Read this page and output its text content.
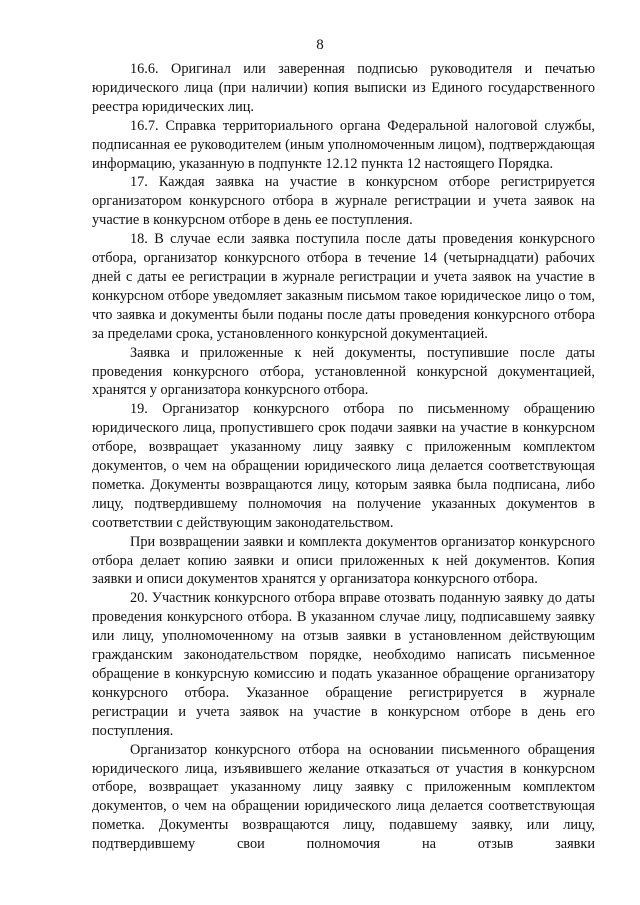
8

16.6. Оригинал или заверенная подписью руководителя и печатью юридического лица (при наличии) копия выписки из Единого государственного реестра юридических лиц.

16.7. Справка территориального органа Федеральной налоговой службы, подписанная ее руководителем (иным уполномоченным лицом), подтверждающая информацию, указанную в подпункте 12.12 пункта 12 настоящего Порядка.

17. Каждая заявка на участие в конкурсном отборе регистрируется организатором конкурсного отбора в журнале регистрации и учета заявок на участие в конкурсном отборе в день ее поступления.

18. В случае если заявка поступила после даты проведения конкурсного отбора, организатор конкурсного отбора в течение 14 (четырнадцати) рабочих дней с даты ее регистрации в журнале регистрации и учета заявок на участие в конкурсном отборе уведомляет заказным письмом такое юридическое лицо о том, что заявка и документы были поданы после даты проведения конкурсного отбора за пределами срока, установленного конкурсной документацией.

Заявка и приложенные к ней документы, поступившие после даты проведения конкурсного отбора, установленной конкурсной документацией, хранятся у организатора конкурсного отбора.

19. Организатор конкурсного отбора по письменному обращению юридического лица, пропустившего срок подачи заявки на участие в конкурсном отборе, возвращает указанному лицу заявку с приложенным комплектом документов, о чем на обращении юридического лица делается соответствующая пометка. Документы возвращаются лицу, которым заявка была подписана, либо лицу, подтвердившему полномочия на получение указанных документов в соответствии с действующим законодательством.

При возвращении заявки и комплекта документов организатор конкурсного отбора делает копию заявки и описи приложенных к ней документов. Копия заявки и описи документов хранятся у организатора конкурсного отбора.

20. Участник конкурсного отбора вправе отозвать поданную заявку до даты проведения конкурсного отбора. В указанном случае лицу, подписавшему заявку или лицу, уполномоченному на отзыв заявки в установленном действующим гражданским законодательством порядке, необходимо написать письменное обращение в конкурсную комиссию и подать указанное обращение организатору конкурсного отбора. Указанное обращение регистрируется в журнале регистрации и учета заявок на участие в конкурсном отборе в день его поступления.

Организатор конкурсного отбора на основании письменного обращения юридического лица, изъявившего желание отказаться от участия в конкурсном отборе, возвращает указанному лицу заявку с приложенным комплектом документов, о чем на обращении юридического лица делается соответствующая пометка. Документы возвращаются лицу, подавшему заявку, или лицу, подтвердившему свои полномочия на отзыв заявки
